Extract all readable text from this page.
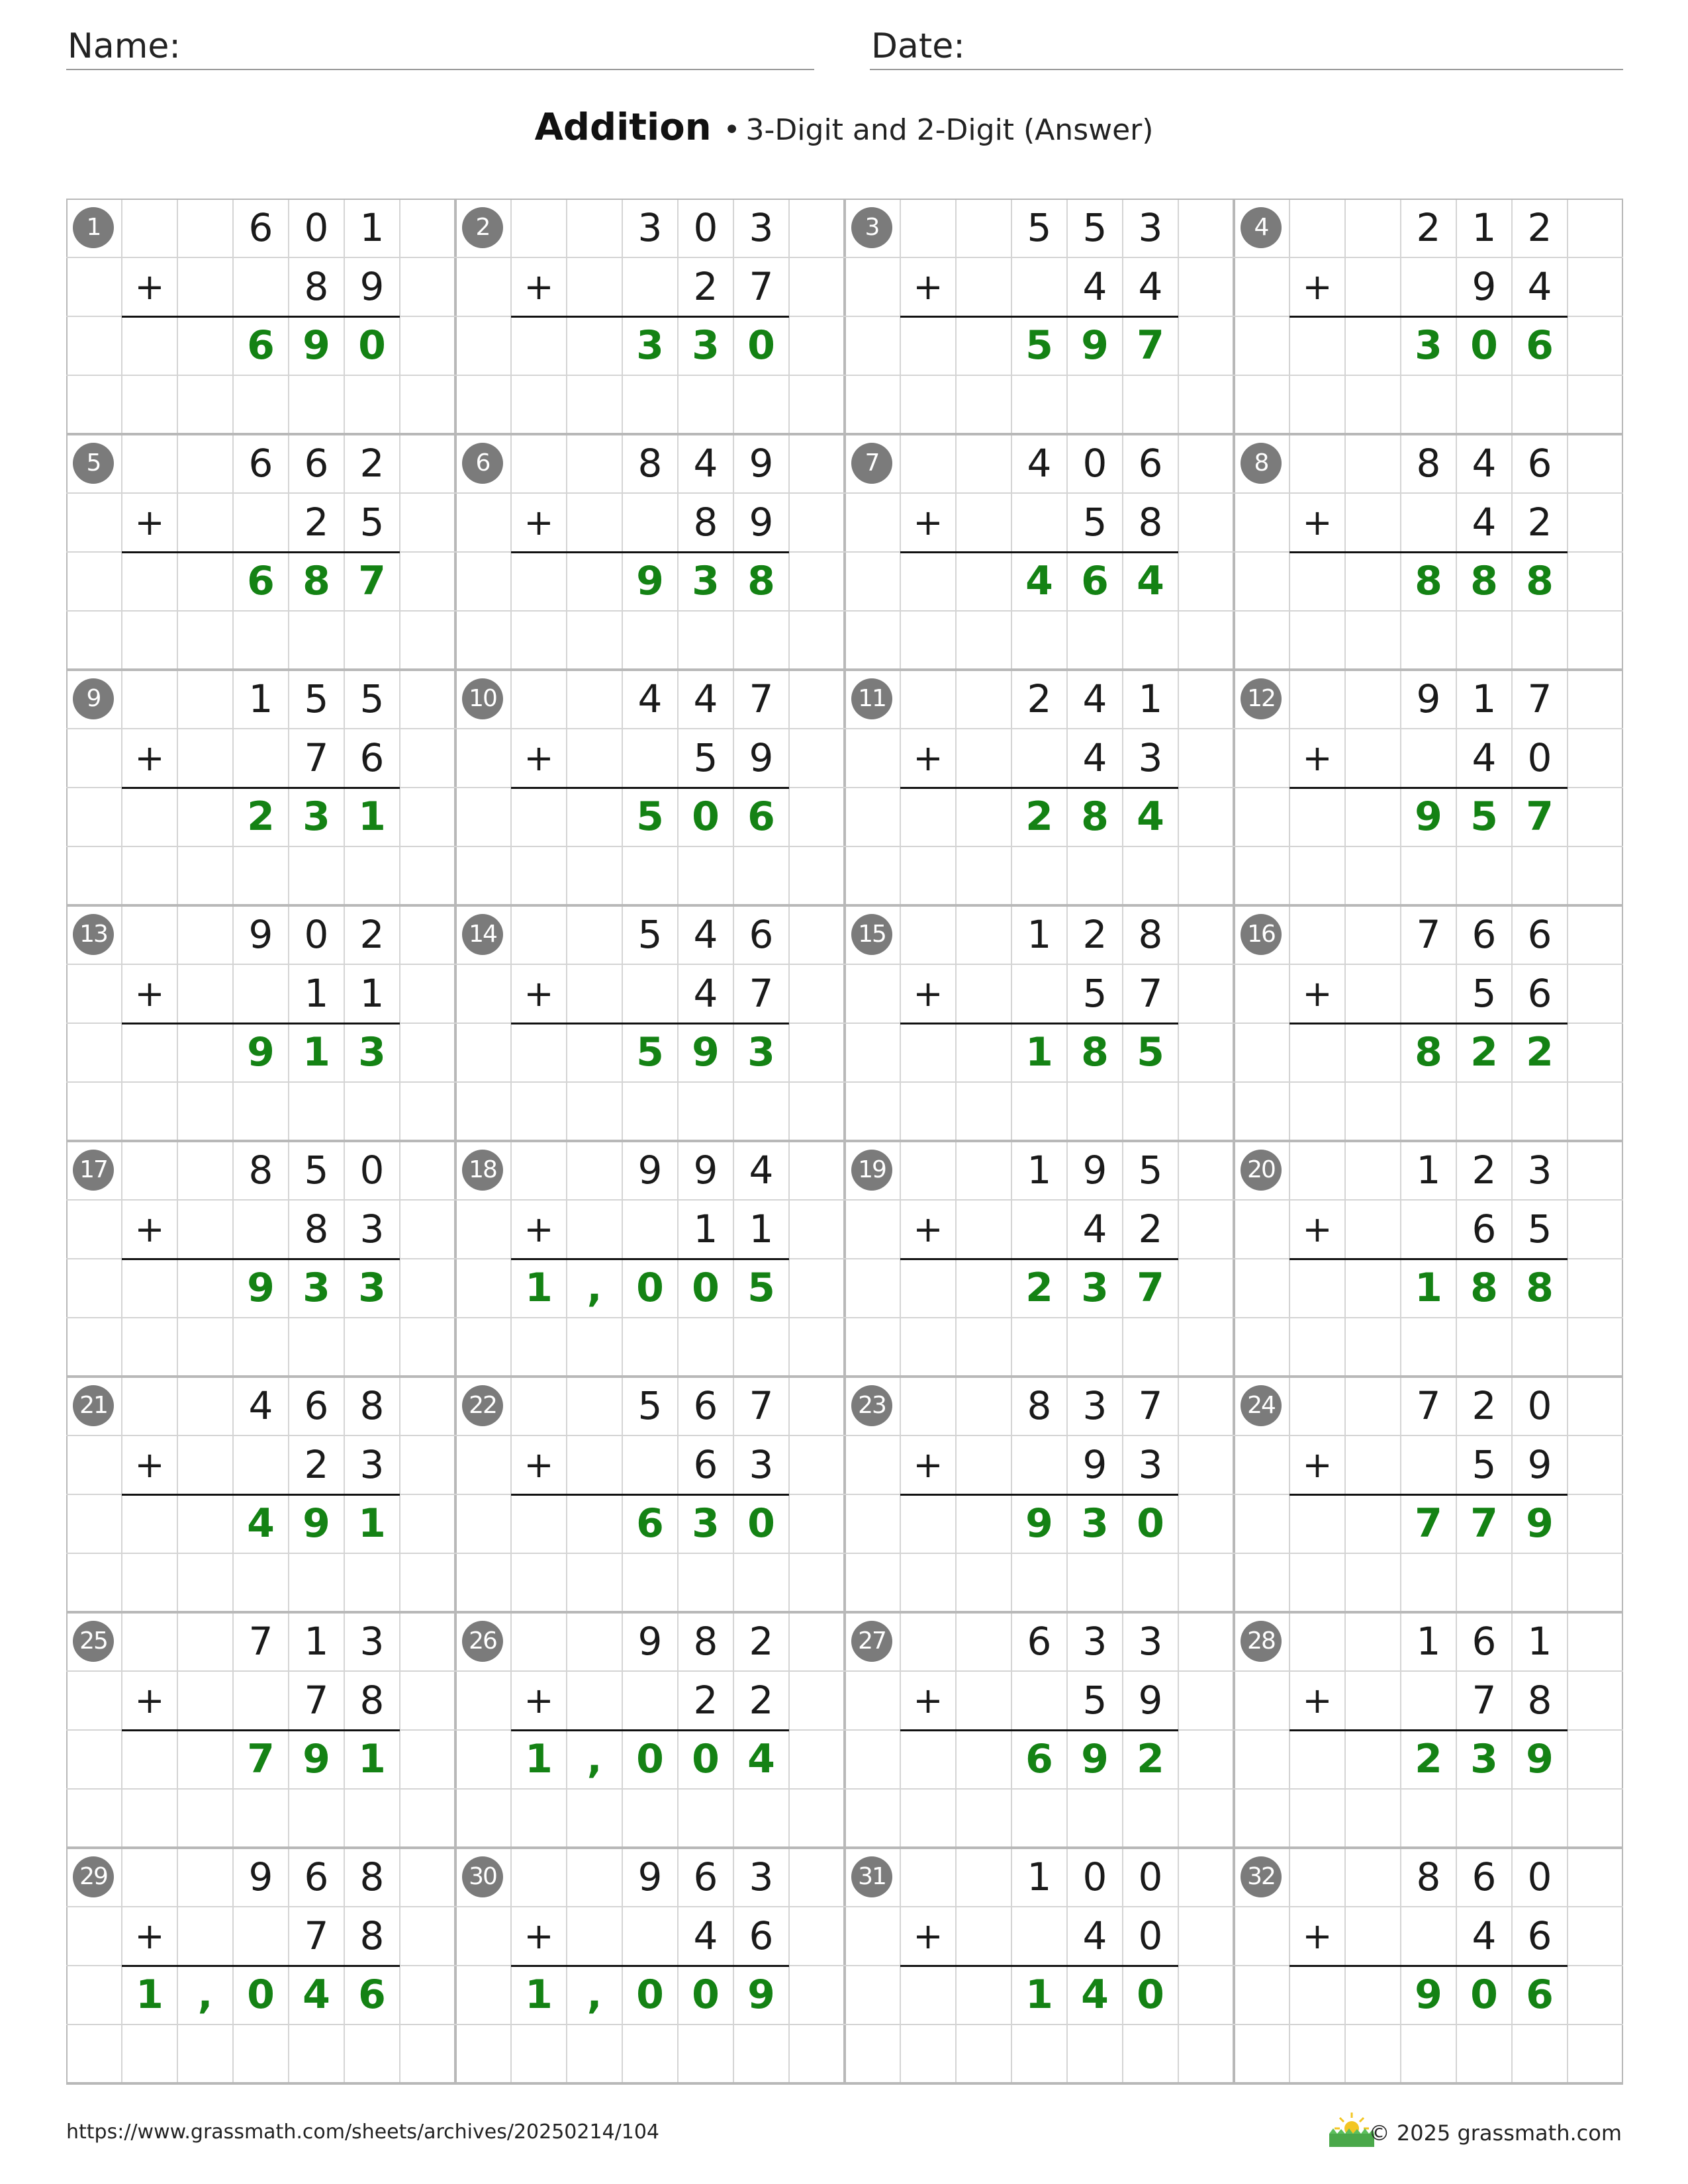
Name:	Date:
Addition • 3-Digit and 2-Digit (Answer)
1	6 0 1
+	8 9
6 9 0
2	3 0 3
+	2 7
3 3 0
3	5 5 3
+	4 4
5 9 7
4	2 1 2
+	9 4
3 0 6
5	6 6 2
+	2 5
6 8 7
6	8 4 9
+	8 9
9 3 8
7	4 0 6
+	5 8
4 6 4
8	8 4 6
+	4 2
8 8 8
9	1 5 5
+	7 6
2 3 1
10	4 4 7
+	5 9
5 0 6
11	2 4 1
+	4 3
2 8 4
12	9 1 7
+	4 0
9 5 7
13	9 0 2
+	1 1
9 1 3
14	5 4 6
+	4 7
5 9 3
15	1 2 8
+	5 7
1 8 5
16	7 6 6
+	5 6
8 2 2
17	8 5 0
+	8 3
9 3 3
18	9 9 4
+	1 1
1 , 0 0 5
19	1 9 5
+	4 2
2 3 7
20	1 2 3
+	6 5
1 8 8
21	4 6 8
+	2 3
4 9 1
22	5 6 7
+	6 3
6 3 0
23	8 3 7
+	9 3
9 3 0
24	7 2 0
+	5 9
7 7 9
25	7 1 3
+	7 8
7 9 1
26	9 8 2
+	2 2
1 , 0 0 4
27	6 3 3
+	5 9
6 9 2
28	1 6 1
+	7 8
2 3 9
29	9 6 8
+	7 8
1 , 0 4 6
30	9 6 3
+	4 6
1 , 0 0 9
31	1 0 0
+	4 0
1 4 0
32	8 6 0
+	4 6
9 0 6
https://www.grassmath.com/sheets/archives/20250214/104	© 2025 grassmath.com
